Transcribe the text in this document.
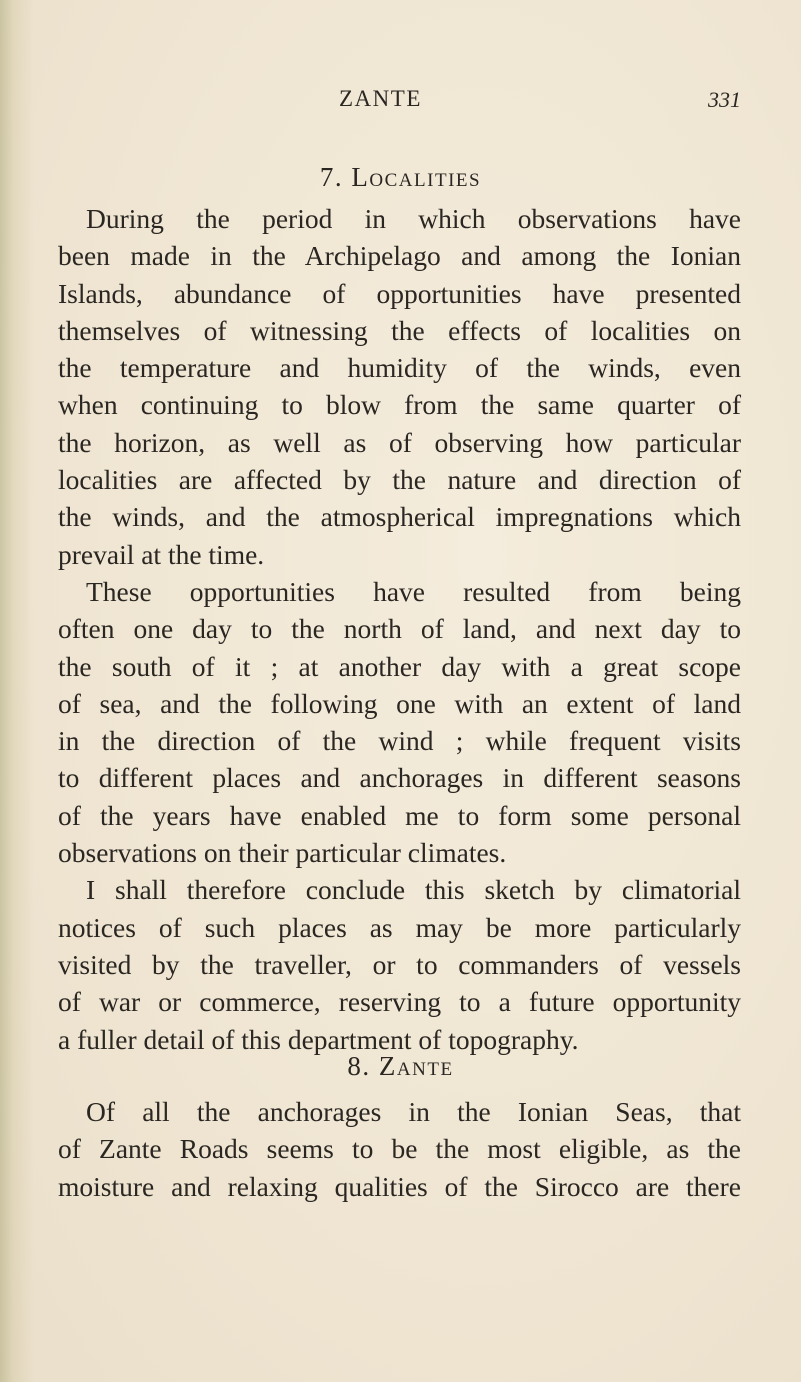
ZANTE	331
7. Localities
During the period in which observations have
been made in the Archipelago and among the Ionian
Islands, abundance of opportunities have presented
themselves of witnessing the effects of localities on
the temperature and humidity of the winds, even
when continuing to blow from the same quarter of
the horizon, as well as of observing how particular
localities are affected by the nature and direction of
the winds, and the atmospherical impregnations which
prevail at the time.
These opportunities have resulted from being
often one day to the north of land, and next day to
the south of it ; at another day with a great scope
of sea, and the following one with an extent of land
in the direction of the wind ; while frequent visits
to different places and anchorages in different seasons
of the years have enabled me to form some personal
observations on their particular climates.
I shall therefore conclude this sketch by climatorial
notices of such places as may be more particularly
visited by the traveller, or to commanders of vessels
of war or commerce, reserving to a future opportunity
a fuller detail of this department of topography.
8. Zante
Of all the anchorages in the Ionian Seas, that
of Zante Roads seems to be the most eligible, as the
moisture and relaxing qualities of the Sirocco are there
